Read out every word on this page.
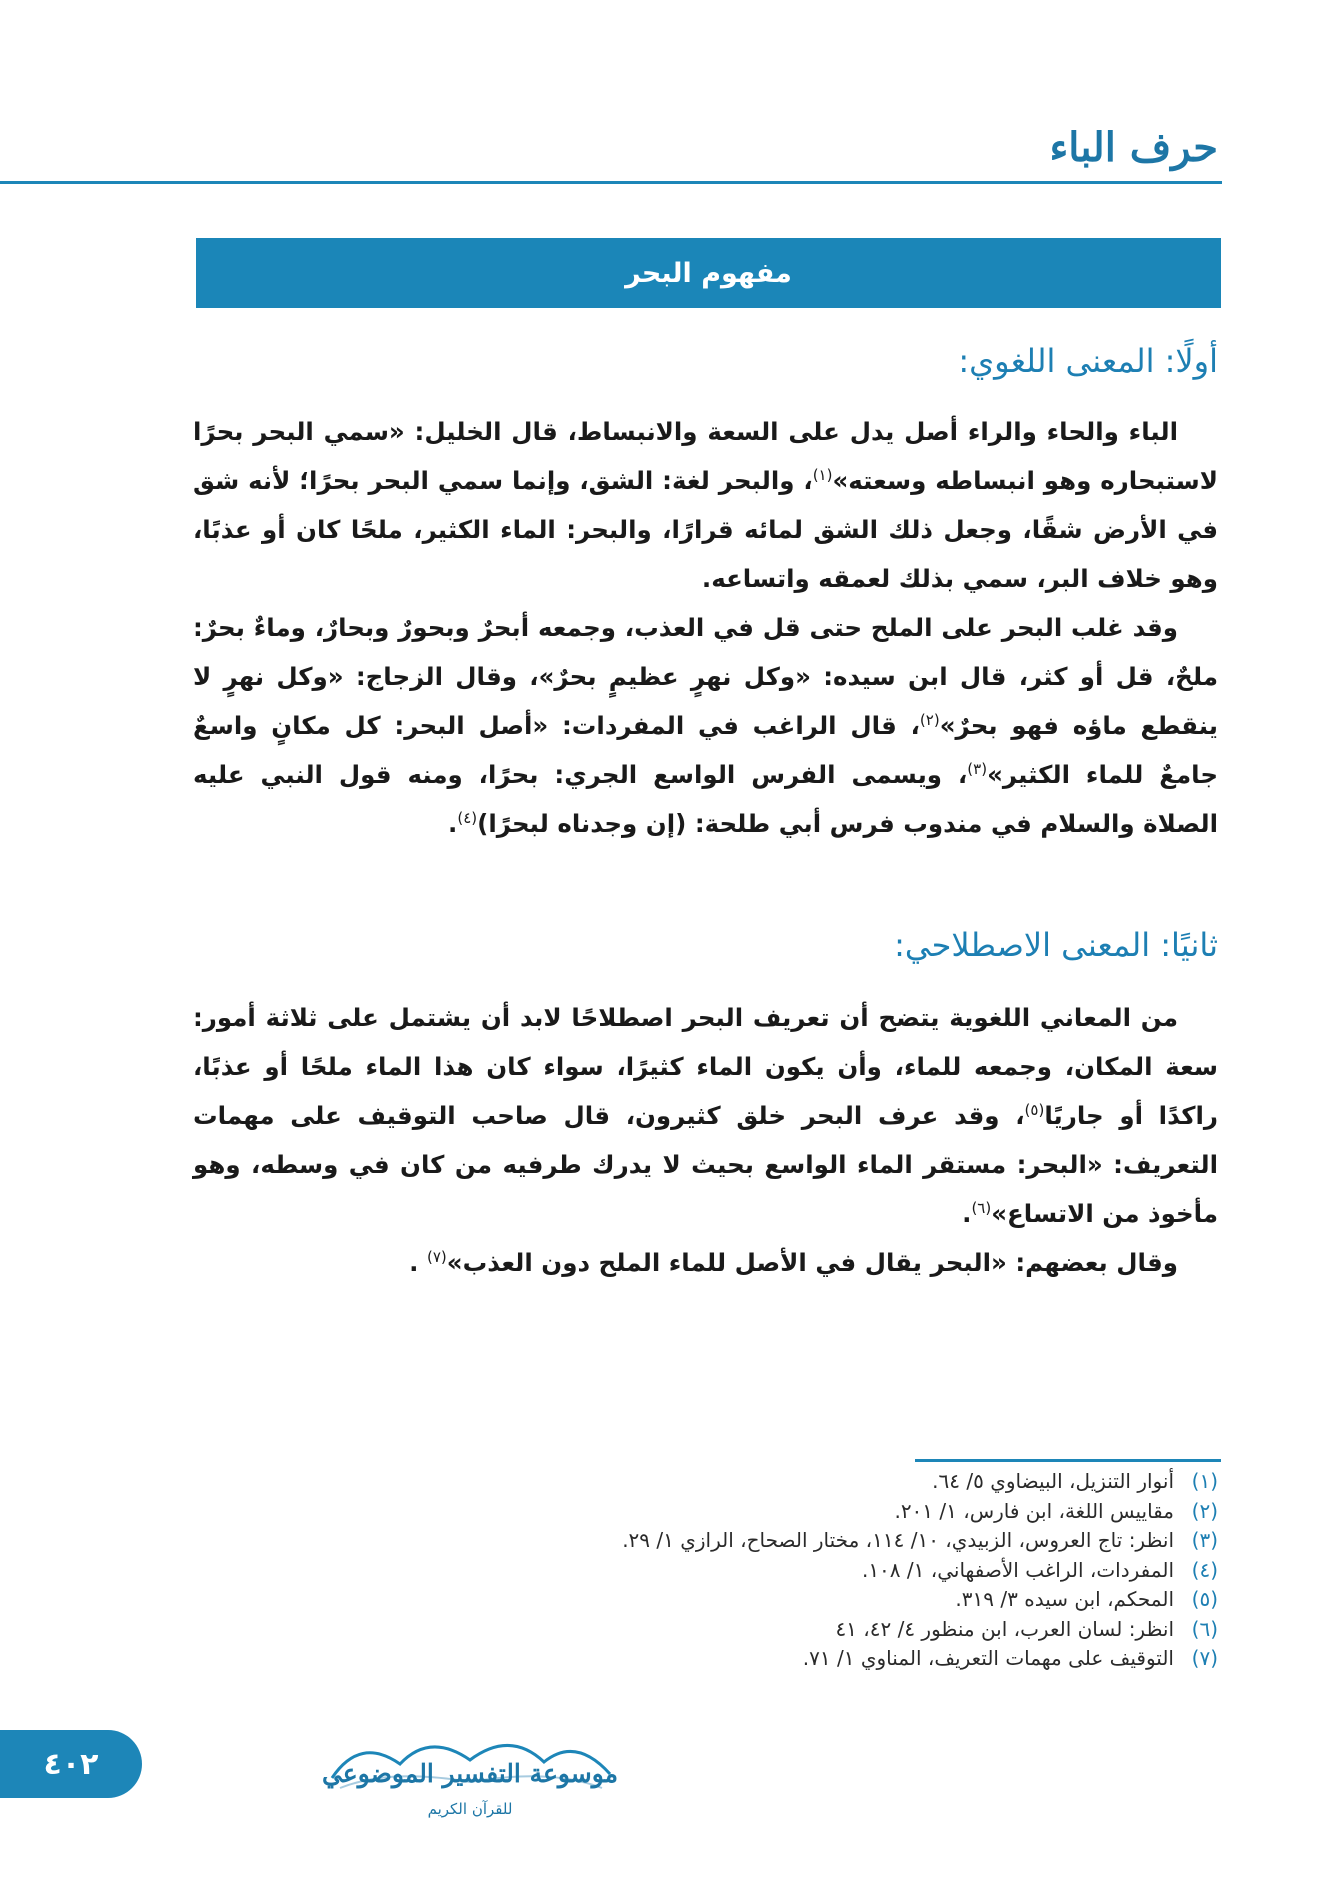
حرف الباء
مفهوم البحر
أولًا: المعنى اللغوي:

الباء والحاء والراء أصل يدل على السعة والانبساط، قال الخليل: «سمي البحر بحرًا لاستبحاره وهو انبساطه وسعته»$^{(١)}$، والبحر لغة: الشق، وإنما سمي البحر بحرًا؛ لأنه شق في الأرض شقًا، وجعل ذلك الشق لمائه قرارًا، والبحر: الماء الكثير، ملحًا كان أو عذبًا، وهو خلاف البر، سمي بذلك لعمقه واتساعه.

وقد غلب البحر على الملح حتى قل في العذب، وجمعه أبحرٌ وبحورٌ وبحارٌ، وماءٌ بحرٌ: ملحٌ، قل أو كثر، قال ابن سيده: «وكل نهرٍ عظيمٍ بحرٌ»، وقال الزجاج: «وكل نهرٍ لا ينقطع ماؤه فهو بحرٌ»$^{(٢)}$، قال الراغب في المفردات: «أصل البحر: كل مكانٍ واسعٌ جامعٌ للماء الكثير»$^{(٣)}$، ويسمى الفرس الواسع الجري: بحرًا، ومنه قول النبي عليه الصلاة والسلام في مندوب فرس أبي طلحة: (إن وجدناه لبحرًا)$^{(٤)}$.

ثانيًا: المعنى الاصطلاحي:

من المعاني اللغوية يتضح أن تعريف البحر اصطلاحًا لابد أن يشتمل على ثلاثة أمور: سعة المكان، وجمعه للماء، وأن يكون الماء كثيرًا، سواء كان هذا الماء ملحًا أو عذبًا، راكدًا أو جاريًا$^{(٥)}$، وقد عرف البحر خلق كثيرون، قال صاحب التوقيف على مهمات التعريف: «البحر: مستقر الماء الواسع بحيث لا يدرك طرفيه من كان في وسطه، وهو مأخوذ من الاتساع»$^{(٦)}$.

وقال بعضهم: «البحر يقال في الأصل للماء الملح دون العذب»$^{(٧)}$ .

(١)
أنوار التنزيل، البيضاوي ٥/ ٦٤.
(٢)
مقاييس اللغة، ابن فارس، ١/ ٢٠١.
(٣)
انظر: تاج العروس، الزبيدي، ١٠/ ١١٤، مختار الصحاح، الرازي ١/ ٢٩.
(٤)
المفردات، الراغب الأصفهاني، ١/ ١٠٨.
(٥)
المحكم، ابن سيده ٣/ ٣١٩.
(٦)
انظر: لسان العرب، ابن منظور ٤/ ٤٢، ٤١
(٧)
التوقيف على مهمات التعريف، المناوي ١/ ٧١.
٤٠٢	موسوعة التفسير الموضوعي
للقرآن الكريم
